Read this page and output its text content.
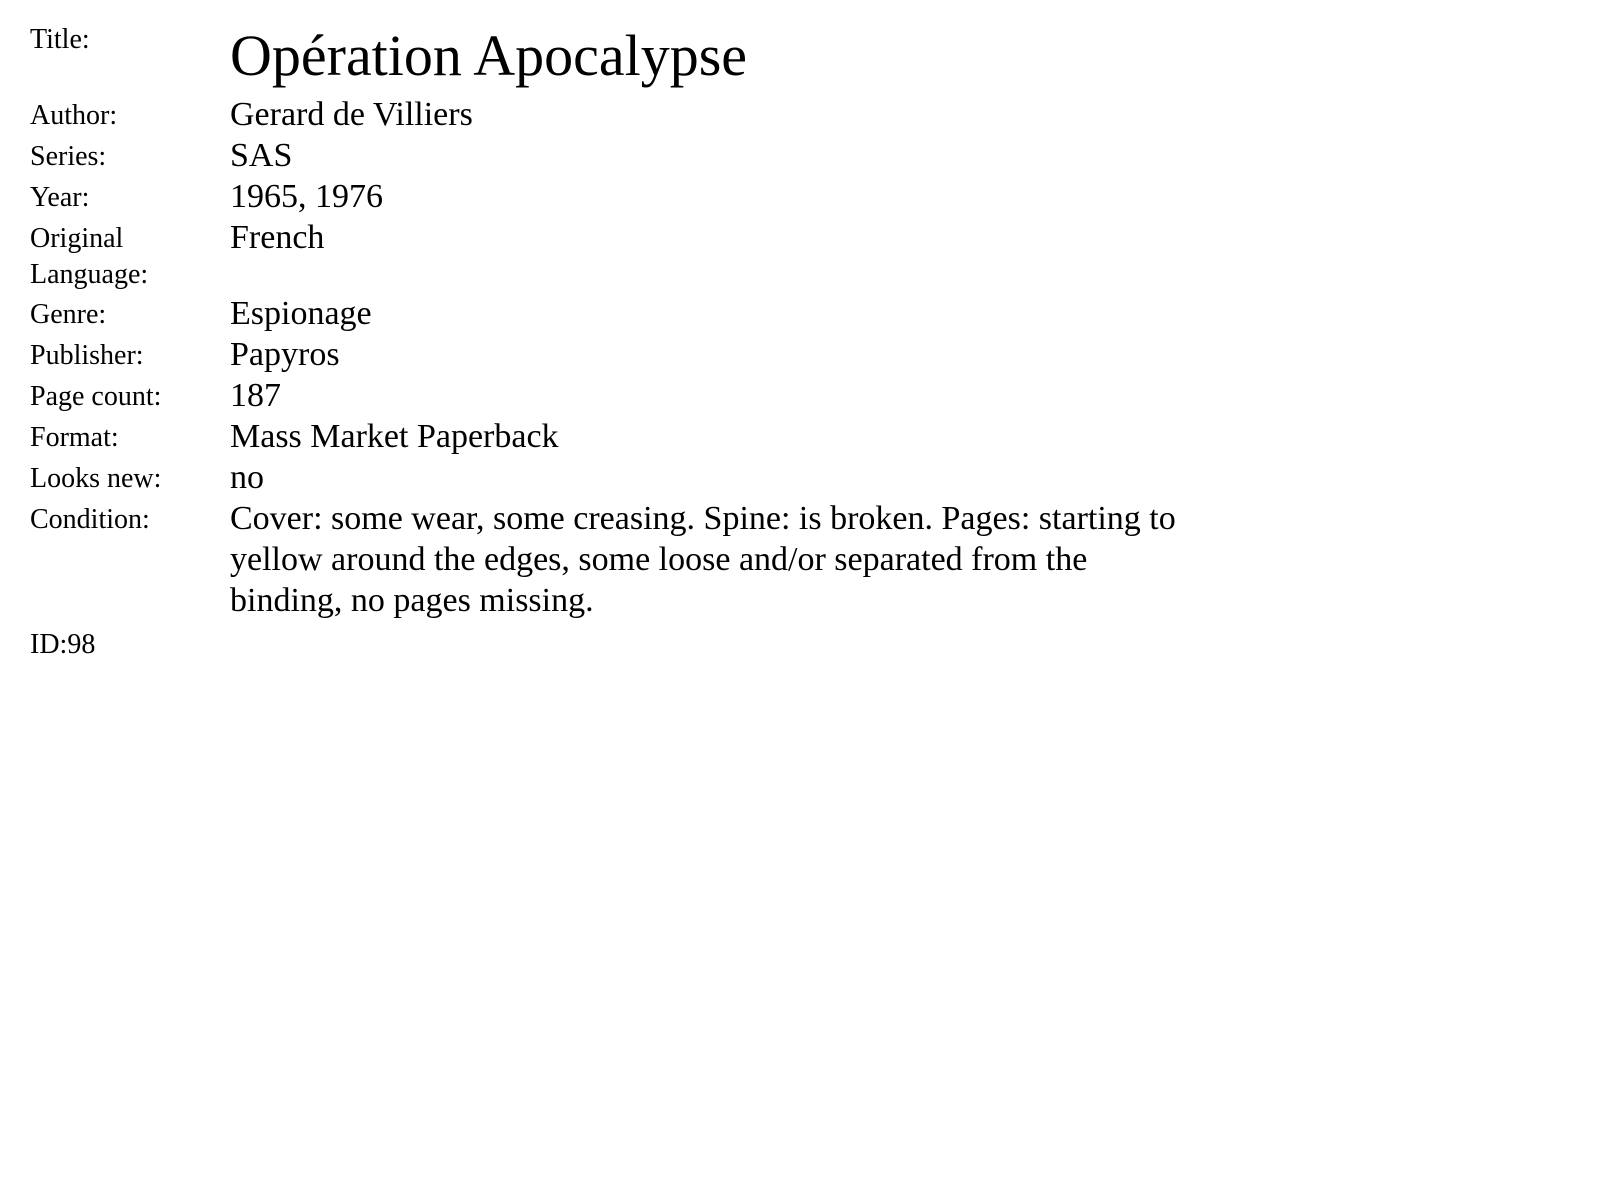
Title:	Opération Apocalypse
Author:	Gerard de Villiers
Series:	SAS
Year:	1965, 1976
Original Language:	French
Genre:	Espionage
Publisher:	Papyros
Page count:	187
Format:	Mass Market Paperback
Looks new:	no
Condition:	Cover: some wear, some creasing. Spine: is broken. Pages: starting to yellow around the edges, some loose and/or separated from the binding, no pages missing.
ID:98
